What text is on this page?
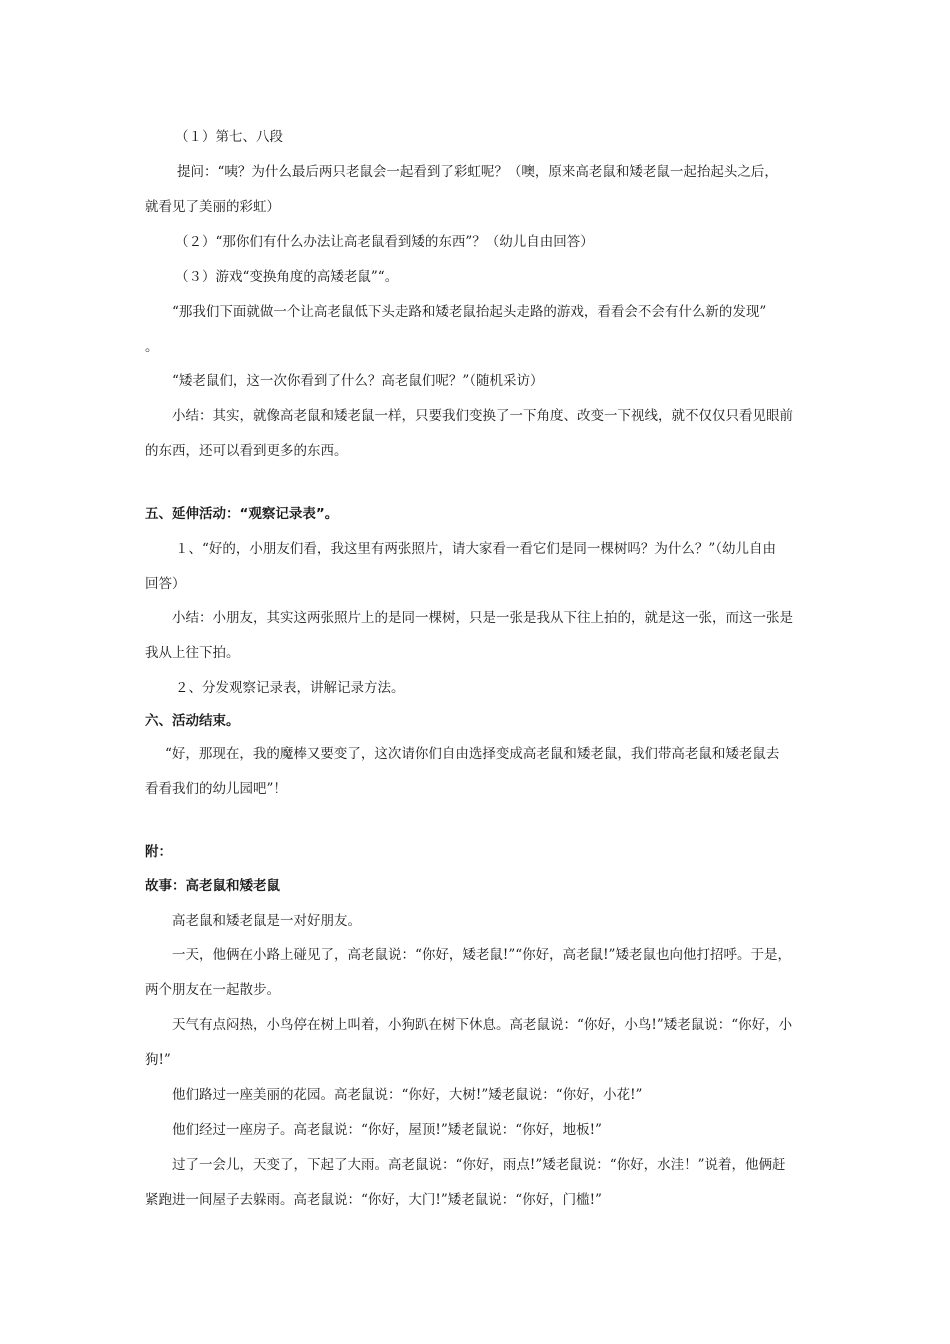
（１）第七、八段
提问：“咦？为什么最后两只老鼠会一起看到了彩虹呢？（噢，原来高老鼠和矮老鼠一起抬起头之后，
就看见了美丽的彩虹）
（２）“那你们有什么办法让高老鼠看到矮的东西”？（幼儿自由回答）
（３）游戏“变换角度的高矮老鼠”“。
“那我们下面就做一个让高老鼠低下头走路和矮老鼠抬起头走路的游戏，看看会不会有什么新的发现”
。
“矮老鼠们，这一次你看到了什么？高老鼠们呢？”（随机采访）
小结：其实，就像高老鼠和矮老鼠一样，只要我们变换了一下角度、改变一下视线，就不仅仅只看见眼前
的东西，还可以看到更多的东西。
五、延伸活动：“观察记录表”。
１、“好的，小朋友们看，我这里有两张照片，请大家看一看它们是同一棵树吗？为什么？”（幼儿自由
回答）
小结：小朋友，其实这两张照片上的是同一棵树，只是一张是我从下往上拍的，就是这一张，而这一张是
我从上往下拍。
２、分发观察记录表，讲解记录方法。
六、活动结束。
“好，那现在，我的魔棒又要变了，这次请你们自由选择变成高老鼠和矮老鼠，我们带高老鼠和矮老鼠去
看看我们的幼儿园吧”！
附：
故事：高老鼠和矮老鼠
高老鼠和矮老鼠是一对好朋友。
一天，他俩在小路上碰见了，高老鼠说：“你好，矮老鼠!”“你好，高老鼠!”矮老鼠也向他打招呼。于是，
两个朋友在一起散步。
天气有点闷热，小鸟停在树上叫着，小狗趴在树下休息。高老鼠说：“你好，小鸟!”矮老鼠说：“你好，小
狗!”
他们路过一座美丽的花园。高老鼠说：“你好，大树!”矮老鼠说：“你好，小花!”
他们经过一座房子。高老鼠说：“你好，屋顶!”矮老鼠说：“你好，地板!”
过了一会儿，天变了，下起了大雨。高老鼠说：“你好，雨点!”矮老鼠说：“你好，水洼！”说着，他俩赶
紧跑进一间屋子去躲雨。高老鼠说：“你好，大门!”矮老鼠说：“你好，门槛!”
